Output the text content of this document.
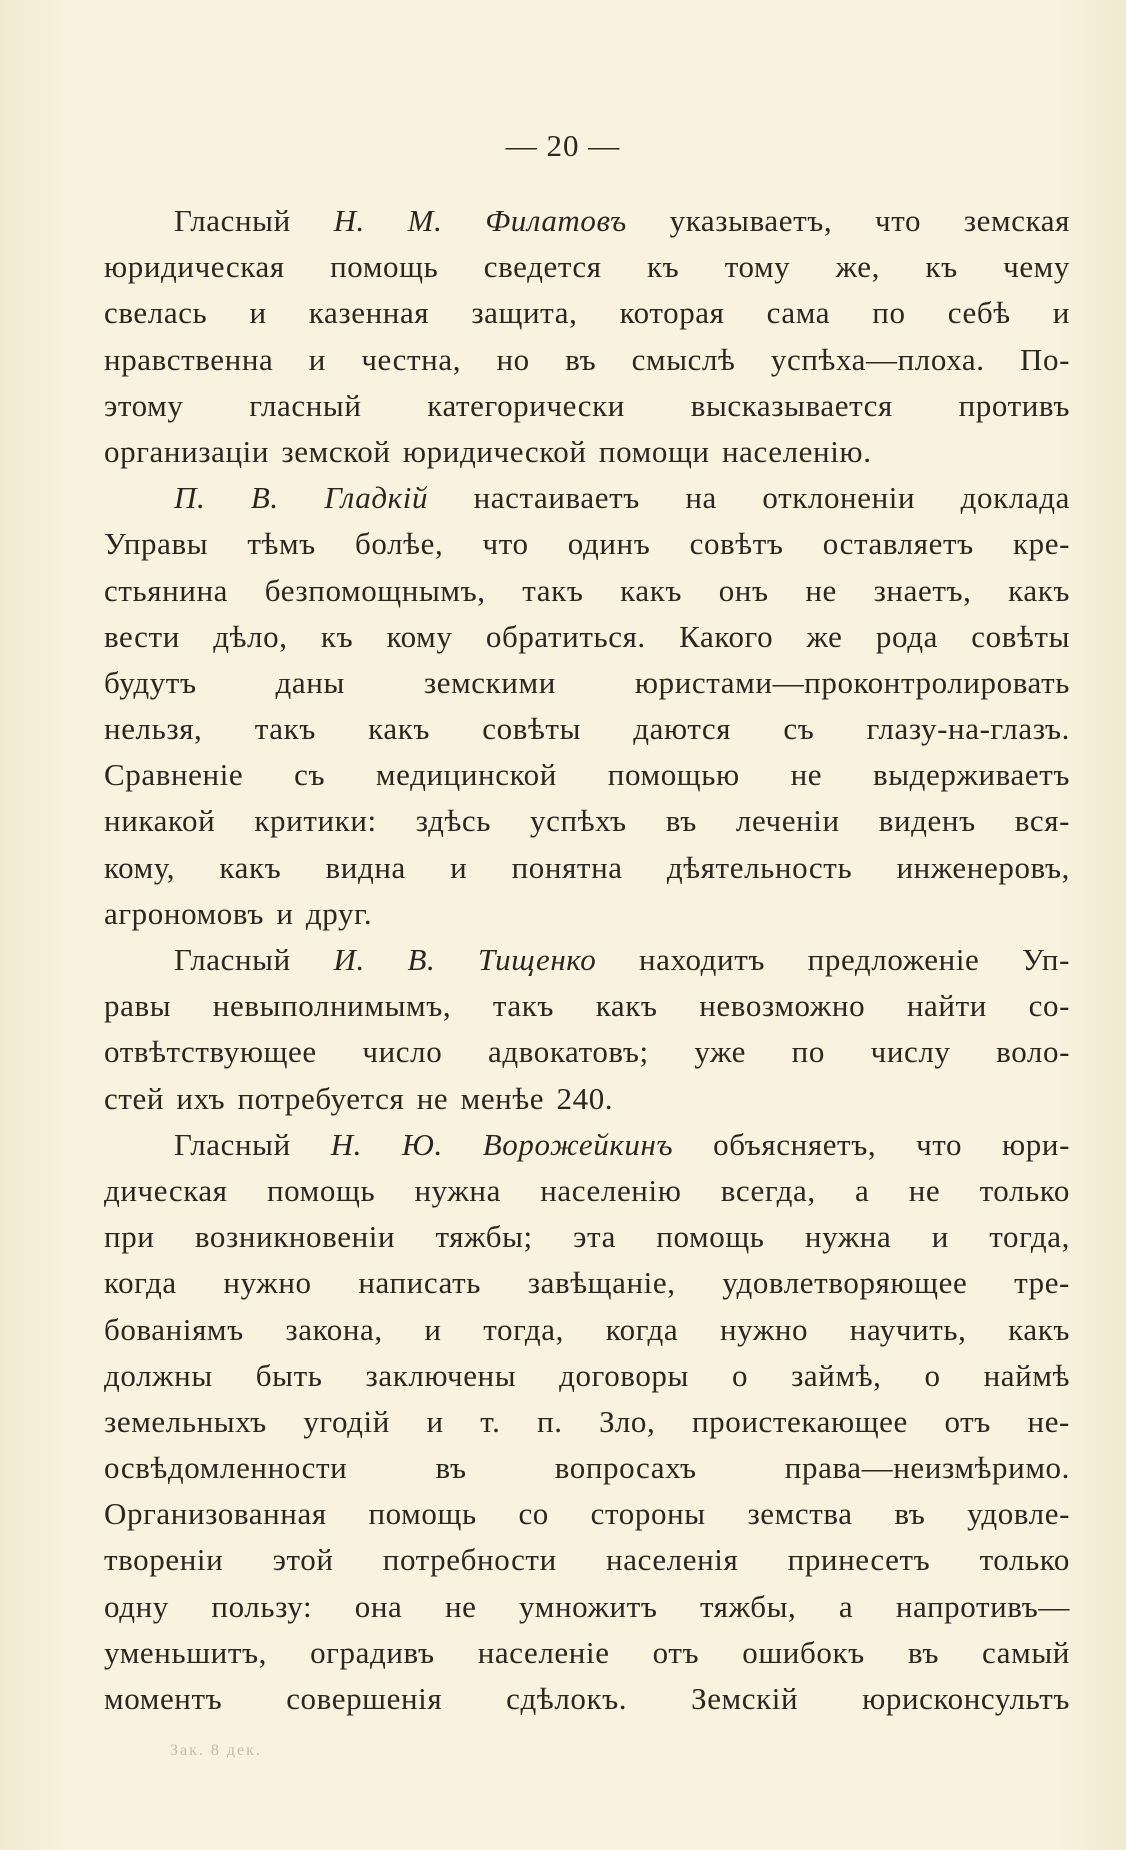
— 20 —
Гласный Н. М. Филатовъ указываетъ, что земская
юридическая помощь сведется къ тому же, къ чему
свелась и казенная защита, которая сама по себѣ и
нравственна и честна, но въ смыслѣ успѣха—плоха. По-
этому гласный категорически высказывается противъ
организацiи земской юридической помощи населенiю.
П. В. Гладкiй настаиваетъ на отклоненiи доклада
Управы тѣмъ болѣе, что одинъ совѣтъ оставляетъ кре-
стьянина безпомощнымъ, такъ какъ онъ не знаетъ, какъ
вести дѣло, къ кому обратиться. Какого же рода совѣты
будутъ даны земскими юристами—проконтролировать
нельзя, такъ какъ совѣты даются съ глазу-на-глазъ.
Сравненiе съ медицинской помощью не выдерживаетъ
никакой критики: здѣсь успѣхъ въ леченiи виденъ вся-
кому, какъ видна и понятна дѣятельность инженеровъ,
агрономовъ и друг.
Гласный И. В. Тищенко находитъ предложенiе Уп-
равы невыполнимымъ, такъ какъ невозможно найти со-
отвѣтствующее число адвокатовъ; уже по числу воло-
стей ихъ потребуется не менѣе 240.
Гласный Н. Ю. Ворожейкинъ объясняетъ, что юри-
дическая помощь нужна населенiю всегда, а не только
при возникновенiи тяжбы; эта помощь нужна и тогда,
когда нужно написать завѣщанiе, удовлетворяющее тре-
бованiямъ закона, и тогда, когда нужно научить, какъ
должны быть заключены договоры о займѣ, о наймѣ
земельныхъ угодiй и т. п. Зло, проистекающее отъ не-
освѣдомленности въ вопросахъ права—неизмѣримо.
Организованная помощь со стороны земства въ удовле-
творенiи этой потребности населенiя принесетъ только
одну пользу: она не умножитъ тяжбы, а напротивъ—
уменьшитъ, оградивъ населенiе отъ ошибокъ въ самый
моментъ совершенiя сдѣлокъ. Земскiй юрисконсультъ
Зак. 8 дек.
